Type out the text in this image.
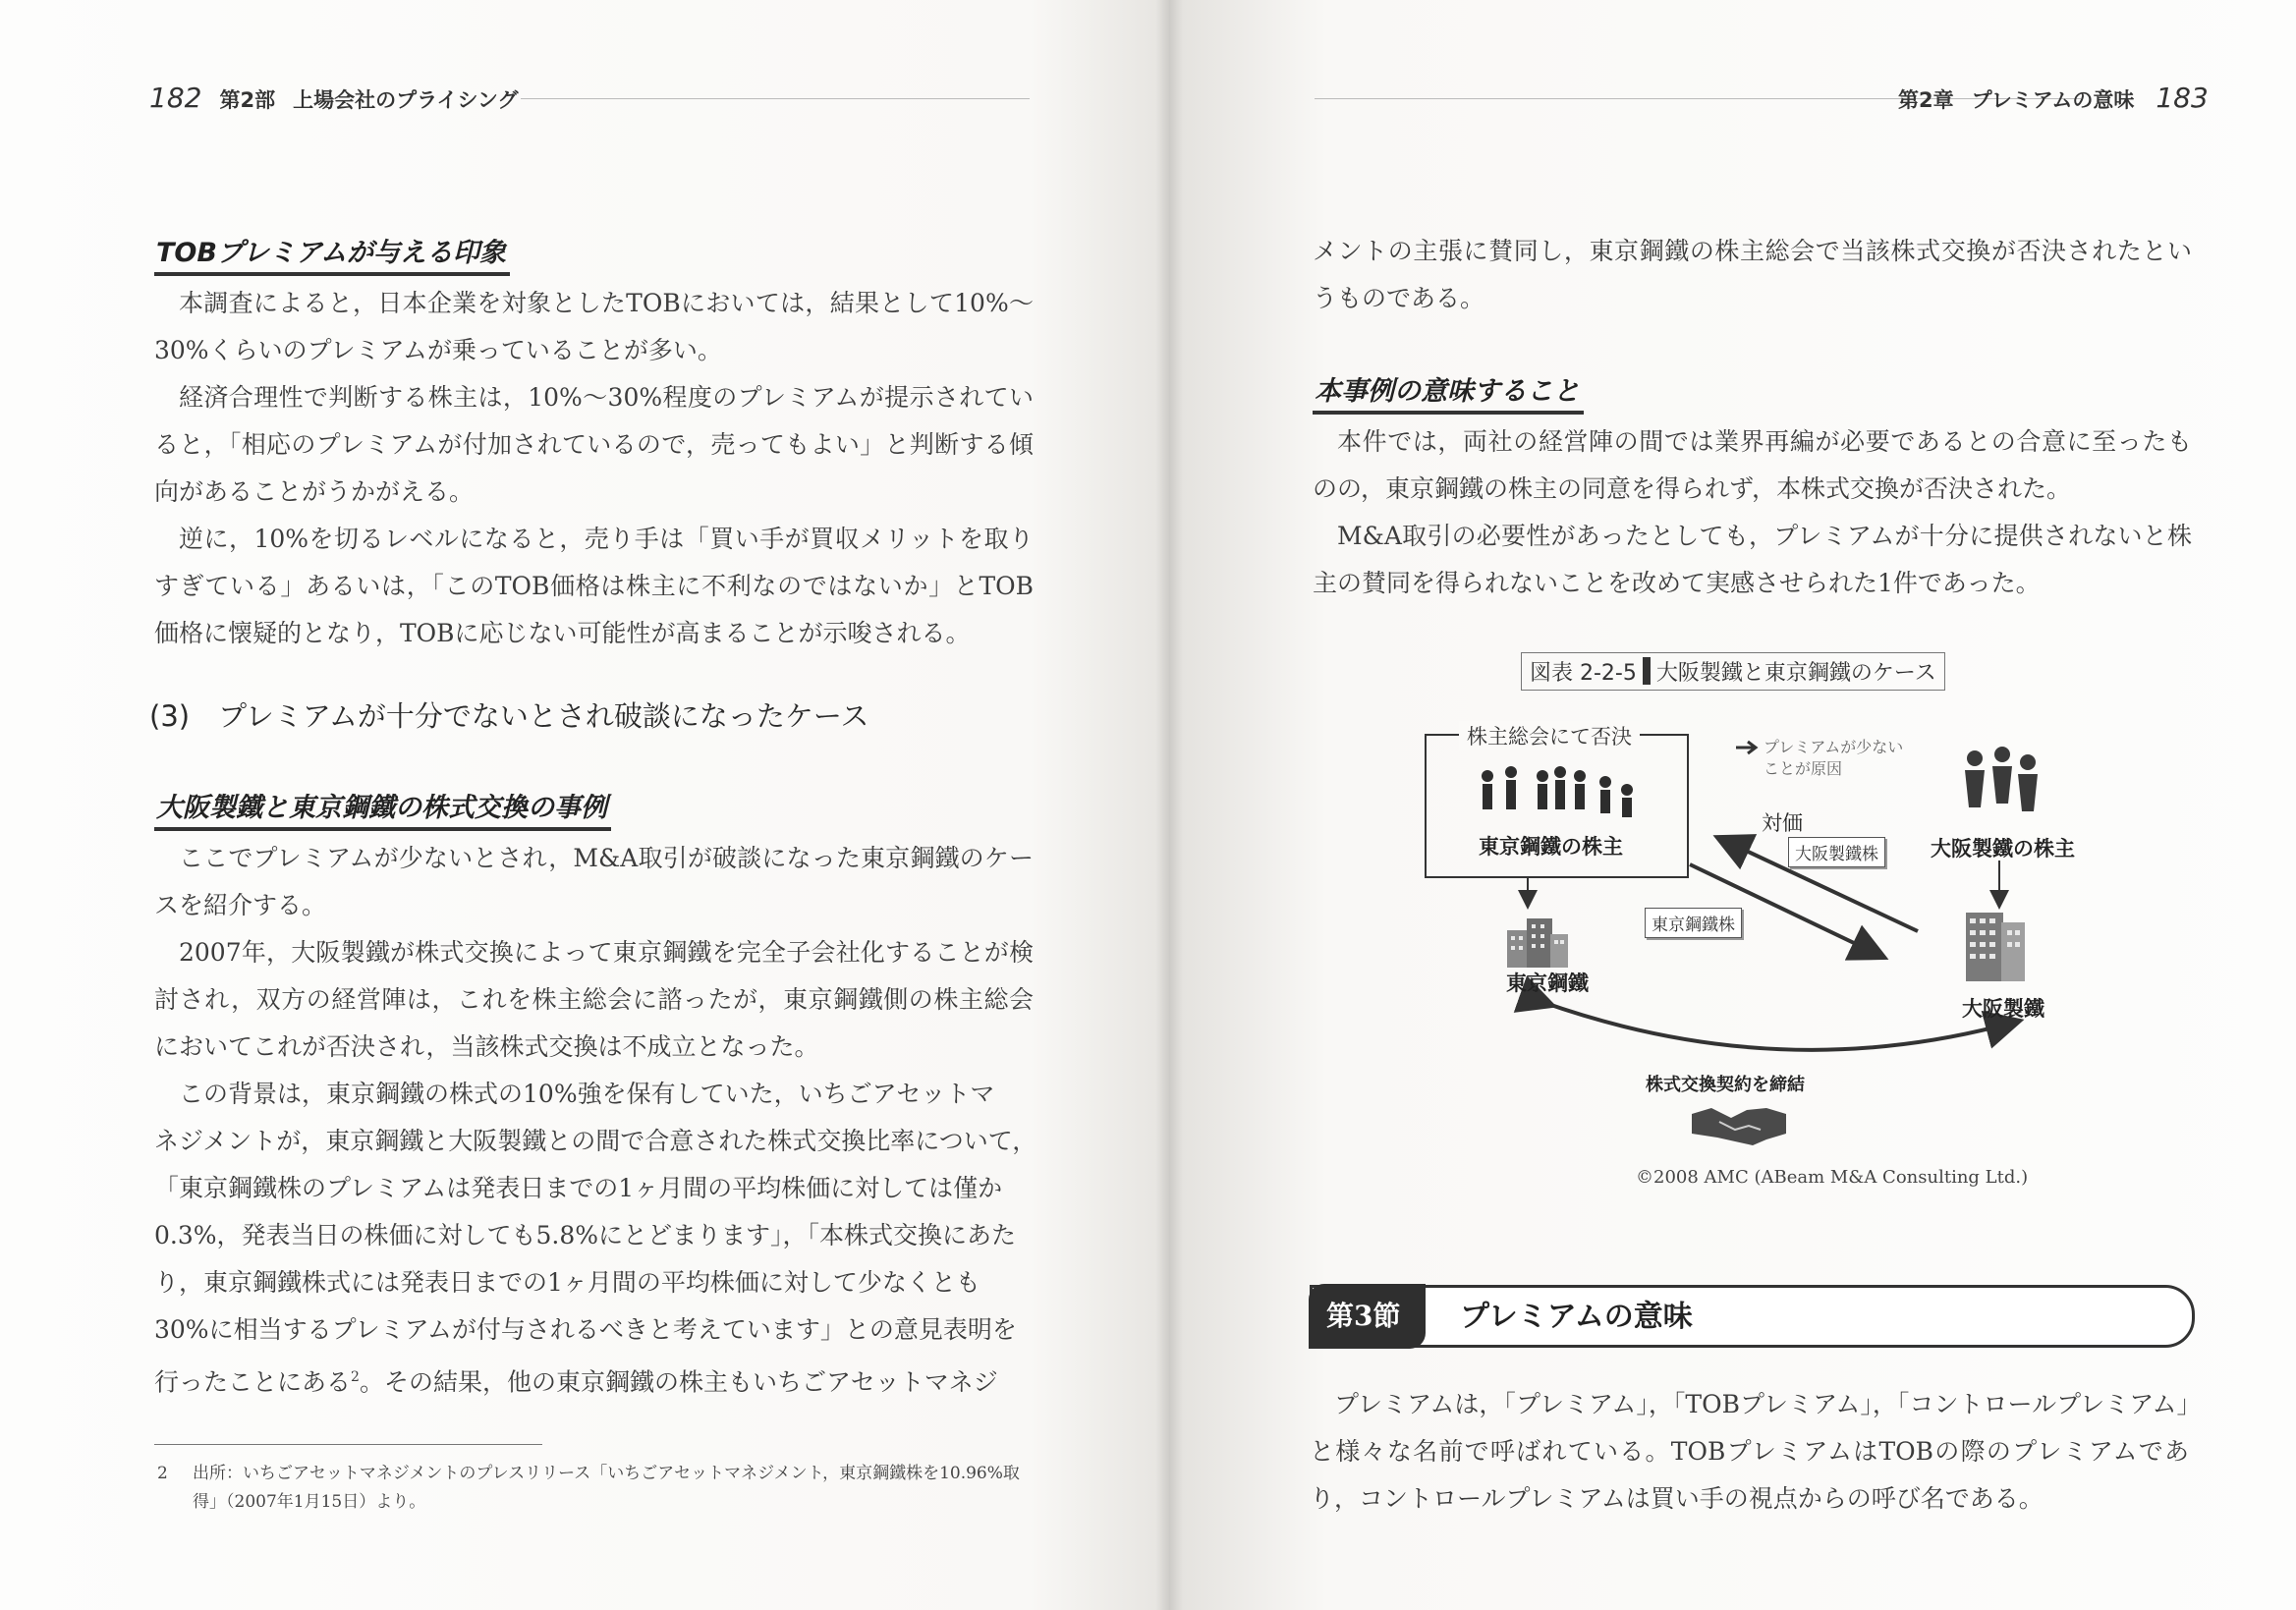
182 第2部 上場会社のプライシング
TOBプレミアムが与える印象
本調査によると，日本企業を対象としたTOBにおいては，結果として10%～30%くらいのプレミアムが乗っていることが多い。
経済合理性で判断する株主は，10%～30%程度のプレミアムが提示されていると，「相応のプレミアムが付加されているので，売ってもよい」と判断する傾向があることがうかがえる。
逆に，10%を切るレベルになると，売り手は「買い手が買収メリットを取りすぎている」あるいは，「このTOB価格は株主に不利なのではないか」とTOB価格に懐疑的となり，TOBに応じない可能性が高まることが示唆される。
(3)　プレミアムが十分でないとされ破談になったケース
大阪製鐵と東京鋼鐵の株式交換の事例
ここでプレミアムが少ないとされ，M&A取引が破談になった東京鋼鐵のケースを紹介する。
2007年，大阪製鐵が株式交換によって東京鋼鐵を完全子会社化することが検討され，双方の経営陣は，これを株主総会に諮ったが，東京鋼鐵側の株主総会においてこれが否決され，当該株式交換は不成立となった。
この背景は，東京鋼鐵の株式の10%強を保有していた，いちごアセットマ
ネジメントが，東京鋼鐵と大阪製鐵との間で合意された株式交換比率について，
「東京鋼鐵株のプレミアムは発表日までの1ヶ月間の平均株価に対しては僅か
0.3%，発表当日の株価に対しても5.8%にとどまります」，「本株式交換にあた
り，東京鋼鐵株式には発表日までの1ヶ月間の平均株価に対して少なくとも
30%に相当するプレミアムが付与されるべきと考えています」との意見表明を
行ったことにある$^2$。その結果，他の東京鋼鐵の株主もいちごアセットマネジ
2	出所：いちごアセットマネジメントのプレスリリース「いちごアセットマネジメント，東京鋼鐵株を10.96%取得」（2007年1月15日）より。
第2章 プレミアムの意味 183
メントの主張に賛同し，東京鋼鐵の株主総会で当該株式交換が否決されたというものである。
本事例の意味すること
本件では，両社の経営陣の間では業界再編が必要であるとの合意に至ったものの，東京鋼鐵の株主の同意を得られず，本株式交換が否決された。
M&A取引の必要性があったとしても，プレミアムが十分に提供されないと株主の賛同を得られないことを改めて実感させられた1件であった。
図表 2-2-5 大阪製鐵と東京鋼鐵のケース
株主総会にて否決
東京鋼鐵の株主
プレミアムが少ない
ことが原因
大阪製鐵の株主
対価
大阪製鐵株
東京鋼鐵株
東京鋼鐵
大阪製鐵
株式交換契約を締結
©2008 AMC (ABeam M&A Consulting Ltd.)
第3節	プレミアムの意味
プレミアムは，「プレミアム」，「TOBプレミアム」，「コントロールプレミアム」と様々な名前で呼ばれている。TOBプレミアムはTOBの際のプレミアムであり，コントロールプレミアムは買い手の視点からの呼び名である。
